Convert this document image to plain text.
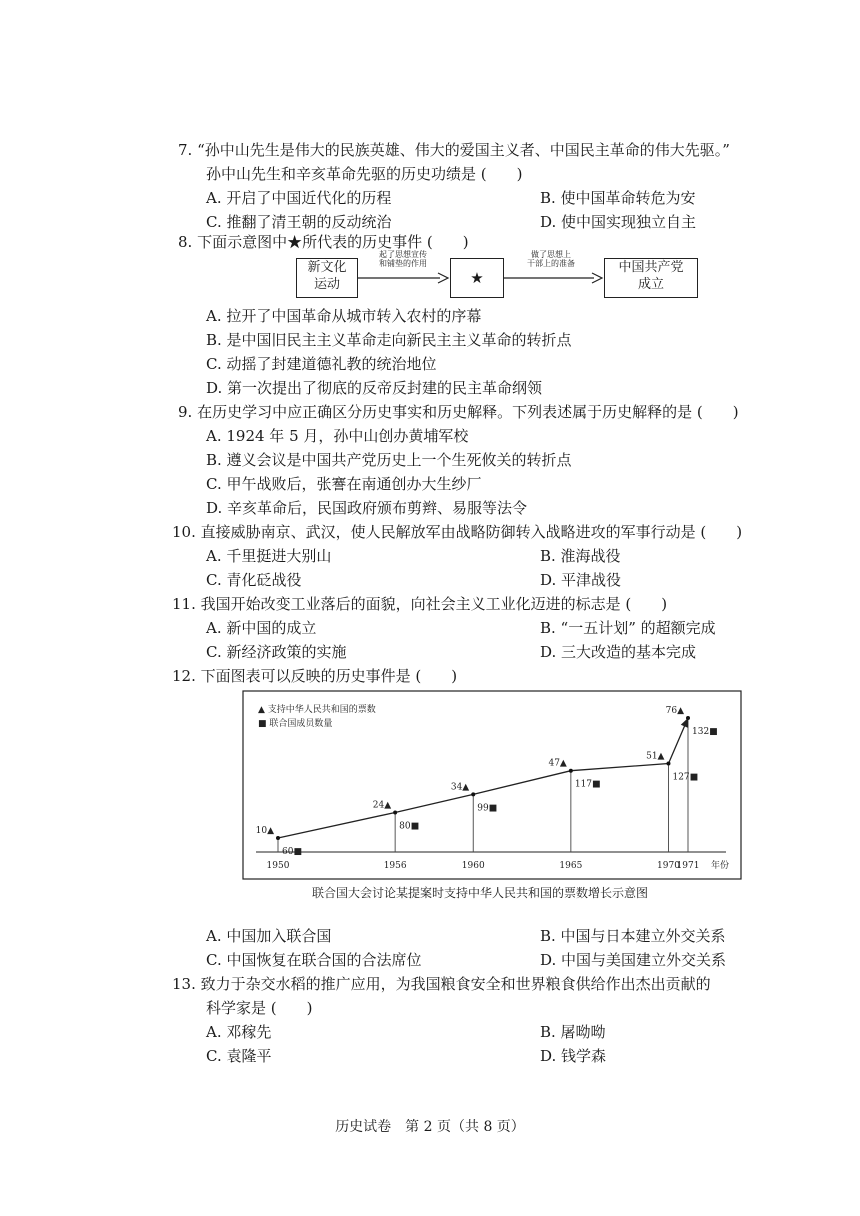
7. “孙中山先生是伟大的民族英雄、伟大的爱国主义者、中国民主革命的伟大先驱。”
孙中山先生和辛亥革命先驱的历史功绩是 (　　)
A. 开启了中国近代化的历程	B. 使中国革命转危为安
C. 推翻了清王朝的反动统治	D. 使中国实现独立自主
8. 下面示意图中★所代表的历史事件 (　　)
新文化
运动
起了思想宣传
和铺垫的作用
★
做了思想上
干部上的准备	中国共产党
成立
A. 拉开了中国革命从城市转入农村的序幕
B. 是中国旧民主主义革命走向新民主主义革命的转折点
C. 动摇了封建道德礼教的统治地位
D. 第一次提出了彻底的反帝反封建的民主革命纲领
9. 在历史学习中应正确区分历史事实和历史解释。下列表述属于历史解释的是 (　　)
A. 1924 年 5 月，孙中山创办黄埔军校
B. 遵义会议是中国共产党历史上一个生死攸关的转折点
C. 甲午战败后，张謇在南通创办大生纱厂
D. 辛亥革命后，民国政府颁布剪辫、易服等法令
10. 直接威胁南京、武汉，使人民解放军由战略防御转入战略进攻的军事行动是 (　　)
A. 千里挺进大别山	B. 淮海战役
C. 青化砭战役	D. 平津战役
11. 我国开始改变工业落后的面貌，向社会主义工业化迈进的标志是 (　　)
A. 新中国的成立	B. “一五计划” 的超额完成
C. 新经济政策的实施	D. 三大改造的基本完成
12. 下面图表可以反映的历史事件是 (　　)
▲ 支持中华人民共和国的票数
■ 联合国成员数量
10▲
60■
1950
24▲
80■
1956
34▲
99■
1960
47▲
117■
1965
51▲
127■
1970
76▲
132■
1971 年份
联合国大会讨论某提案时支持中华人民共和国的票数增长示意图
A. 中国加入联合国	B. 中国与日本建立外交关系
C. 中国恢复在联合国的合法席位	D. 中国与美国建立外交关系
13. 致力于杂交水稻的推广应用，为我国粮食安全和世界粮食供给作出杰出贡献的
科学家是 (　　)
A. 邓稼先	B. 屠呦呦
C. 袁隆平	D. 钱学森
历史试卷　第 2 页（共 8 页）
